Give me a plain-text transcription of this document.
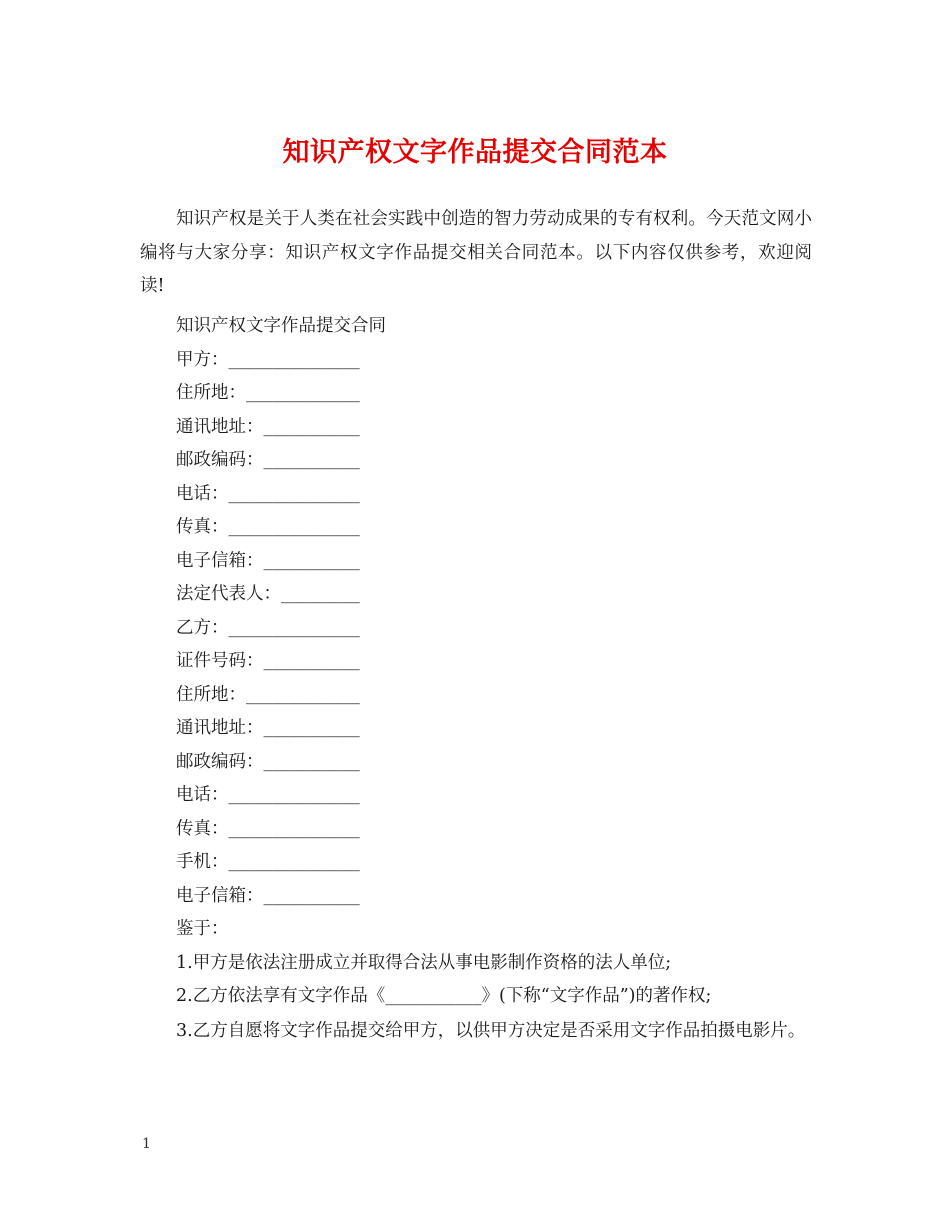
知识产权文字作品提交合同范本

知识产权是关于人类在社会实践中创造的智力劳动成果的专有权利。今天范文网小编将与大家分享：知识产权文字作品提交相关合同范本。以下内容仅供参考，欢迎阅读!

知识产权文字作品提交合同
甲方：_______________
住所地：_____________
通讯地址：___________
邮政编码：___________
电话：_______________
传真：_______________
电子信箱：___________
法定代表人：_________
乙方：_______________
证件号码：___________
住所地：_____________
通讯地址：___________
邮政编码：___________
电话：_______________
传真：_______________
手机：_______________
电子信箱：___________
鉴于：
1.甲方是依法注册成立并取得合法从事电影制作资格的法人单位;
2.乙方依法享有文字作品《___________》(下称“文字作品”)的著作权;
3.乙方自愿将文字作品提交给甲方，以供甲方决定是否采用文字作品拍摄电影片。
1
